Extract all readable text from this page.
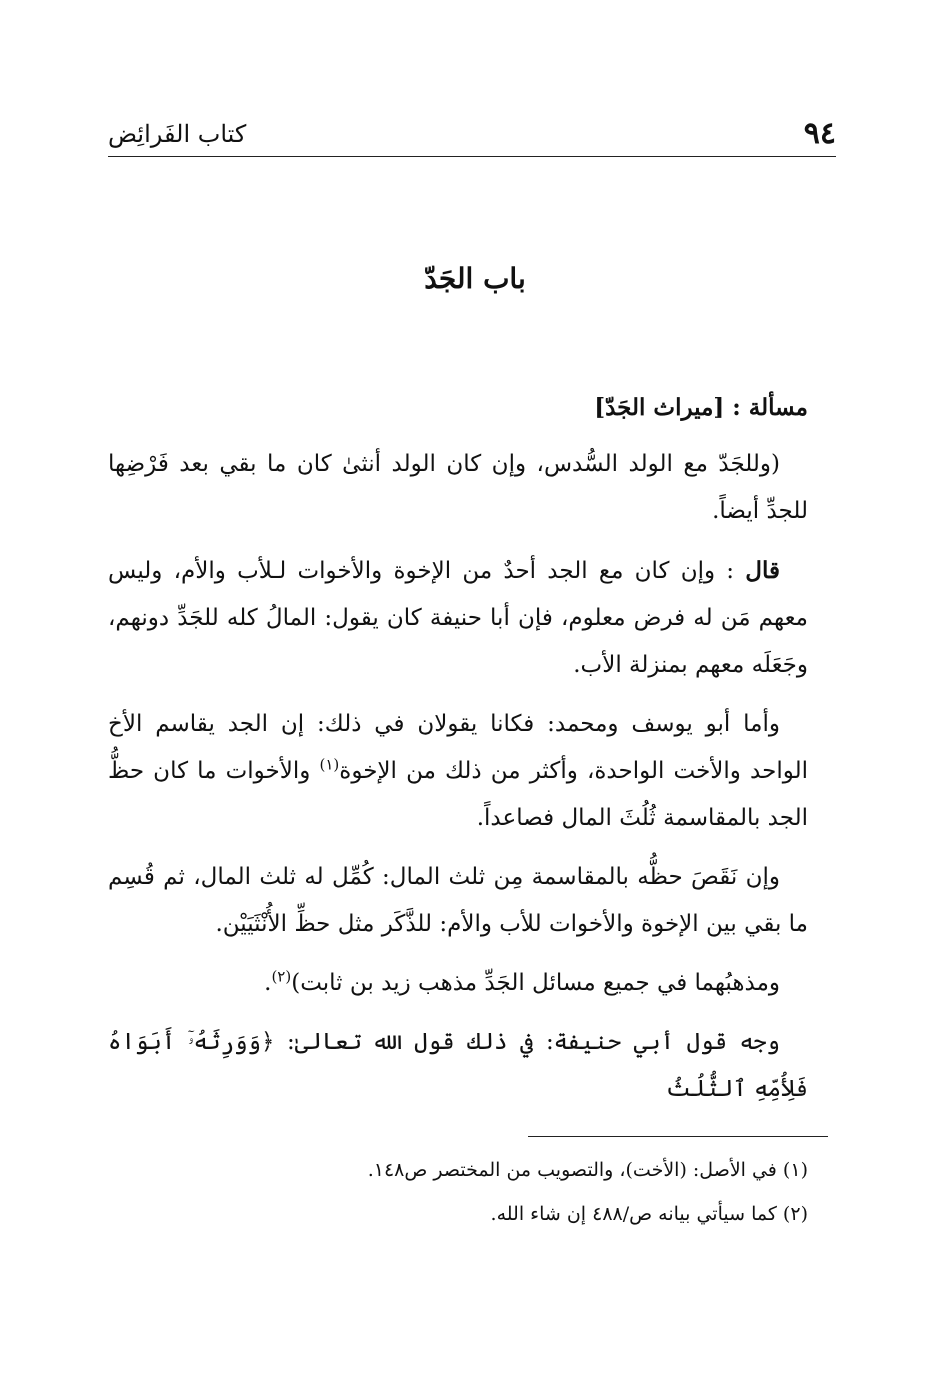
٩٤
كتاب الفَرائِض
باب الجَدّ

مسألة : [ميراث الجَدّ]

(وللجَدّ مع الولد السُّدس، وإن كان الولد أنثىٰ كان ما بقي بعد فَرْضِها للجدِّ أيضاً.

قال : وإن كان مع الجد أحدٌ من الإخوة والأخوات لـلأب والأم، وليس معهم مَن له فرض معلوم، فإن أبا حنيفة كان يقول: المالُ كله للجَدِّ دونهم، وجَعَلَه معهم بمنزلة الأب.

وأما أبو يوسف ومحمد: فكانا يقولان في ذلك: إن الجد يقاسم الأخ الواحد والأخت الواحدة، وأكثر من ذلك من الإخوة$^{(١)}$ والأخوات ما كان حظُّ الجد بالمقاسمة ثُلُثَ المال فصاعداً.

وإن نَقَصَ حظُّه بالمقاسمة مِن ثلث المال: كُمِّل له ثلث المال، ثم قُسِم ما بقي بين الإخوة والأخوات للأب والأم: للذَّكَر مثل حظِّ الأُنْثَيَيْن.

ومذهبُهما في جميع مسائل الجَدِّ مذهب زيد بن ثابت)$^{(٢)}$.

وجه قول أبي حنيفة: في ذلك قول الله تعالىٰ: ﴿وَوَرِثَهُۥٓ أَبَوَاهُ فَلِأُمِّهِ ٱلثُّلُثُ

(١) في الأصل: (الأخت)، والتصويب من المختصر ص١٤٨.

(٢) كما سيأتي بيانه ص/٤٨٨ إن شاء الله.
